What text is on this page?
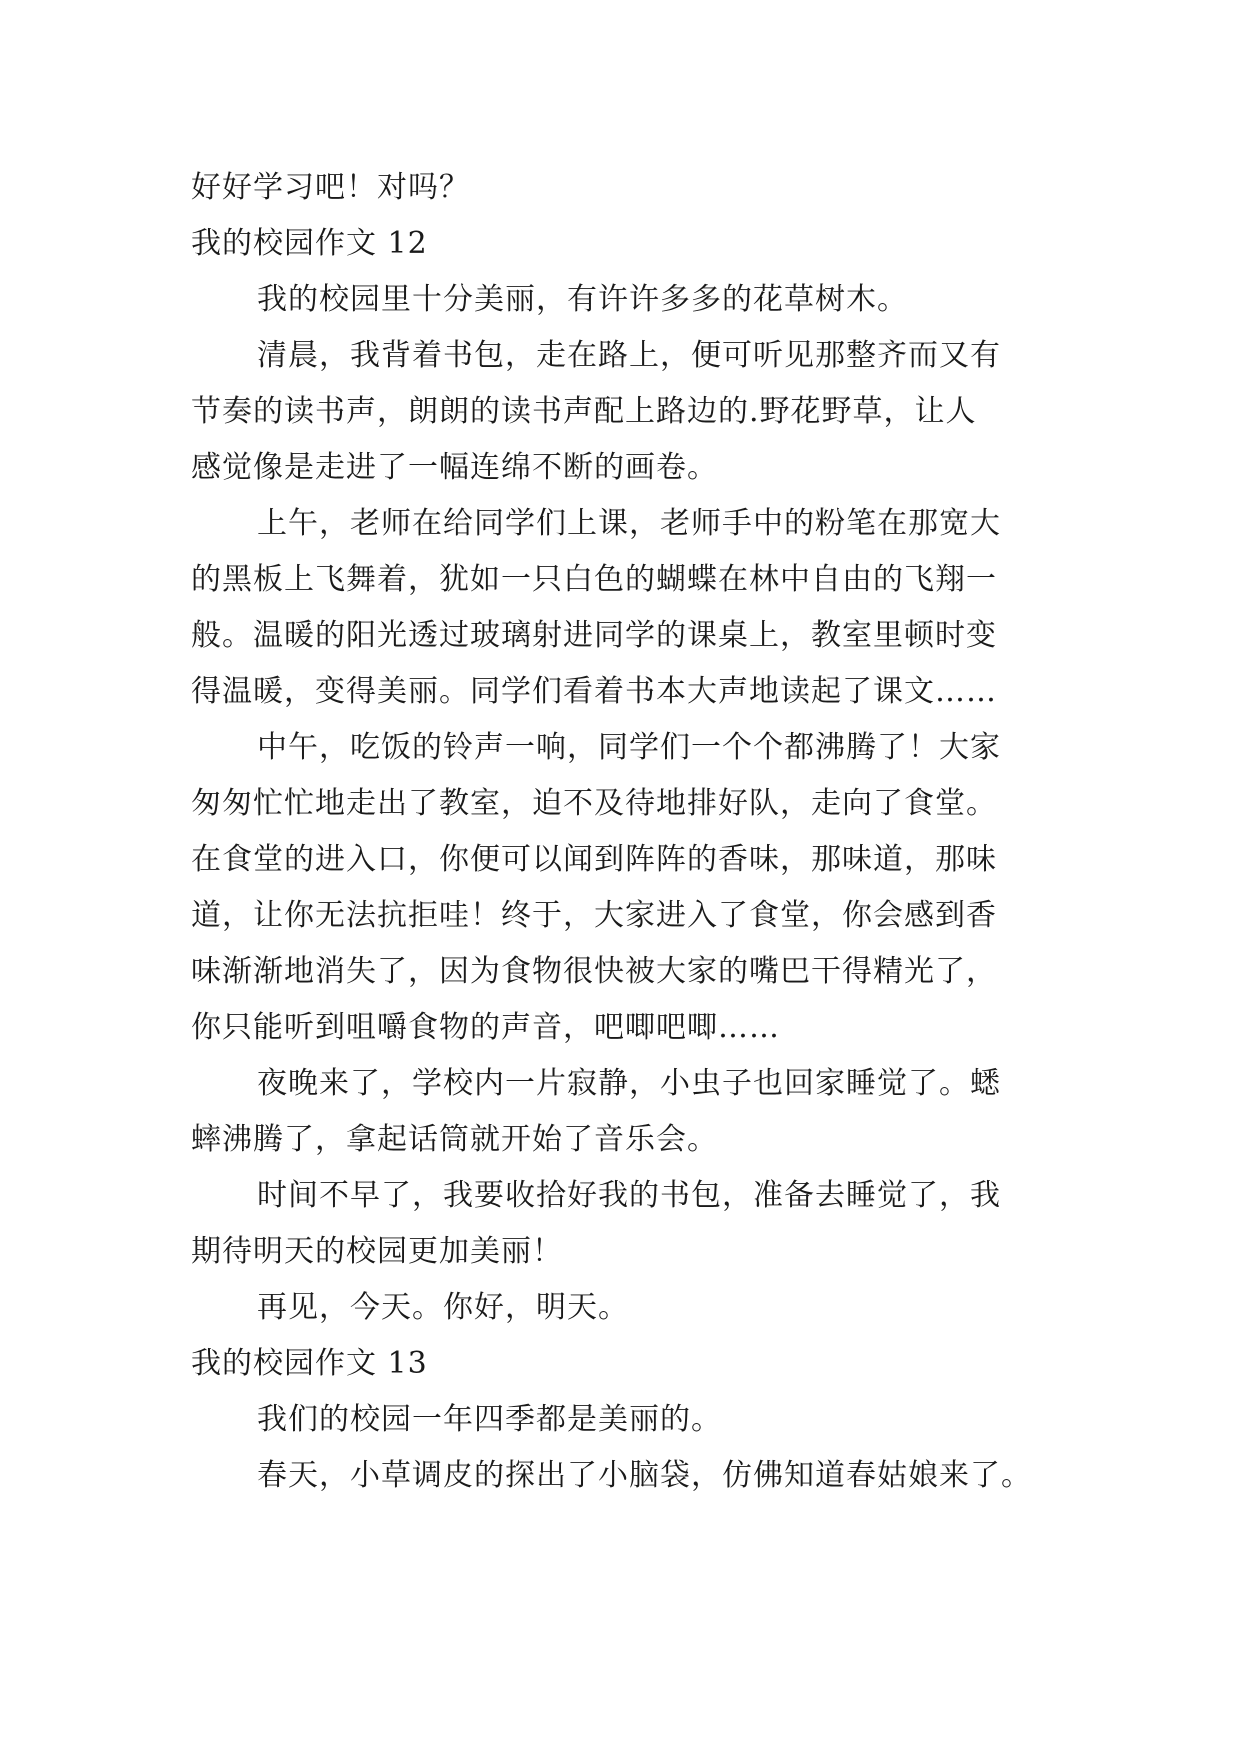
好好学习吧！对吗？

我的校园作文 12

我的校园里十分美丽，有许许多多的花草树木。

清晨，我背着书包，走在路上，便可听见那整齐而又有

节奏的读书声，朗朗的读书声配上路边的.野花野草，让人

感觉像是走进了一幅连绵不断的画卷。

上午，老师在给同学们上课，老师手中的粉笔在那宽大

的黑板上飞舞着，犹如一只白色的蝴蝶在林中自由的飞翔一

般。温暖的阳光透过玻璃射进同学的课桌上，教室里顿时变

得温暖，变得美丽。同学们看着书本大声地读起了课文……

中午，吃饭的铃声一响，同学们一个个都沸腾了！大家

匆匆忙忙地走出了教室，迫不及待地排好队，走向了食堂。

在食堂的进入口，你便可以闻到阵阵的香味，那味道，那味

道，让你无法抗拒哇！终于，大家进入了食堂，你会感到香

味渐渐地消失了，因为食物很快被大家的嘴巴干得精光了，

你只能听到咀嚼食物的声音，吧唧吧唧……

夜晚来了，学校内一片寂静，小虫子也回家睡觉了。蟋

蟀沸腾了，拿起话筒就开始了音乐会。

时间不早了，我要收拾好我的书包，准备去睡觉了，我

期待明天的校园更加美丽！

再见，今天。你好，明天。

我的校园作文 13

我们的校园一年四季都是美丽的。

春天，小草调皮的探出了小脑袋，仿佛知道春姑娘来了。
